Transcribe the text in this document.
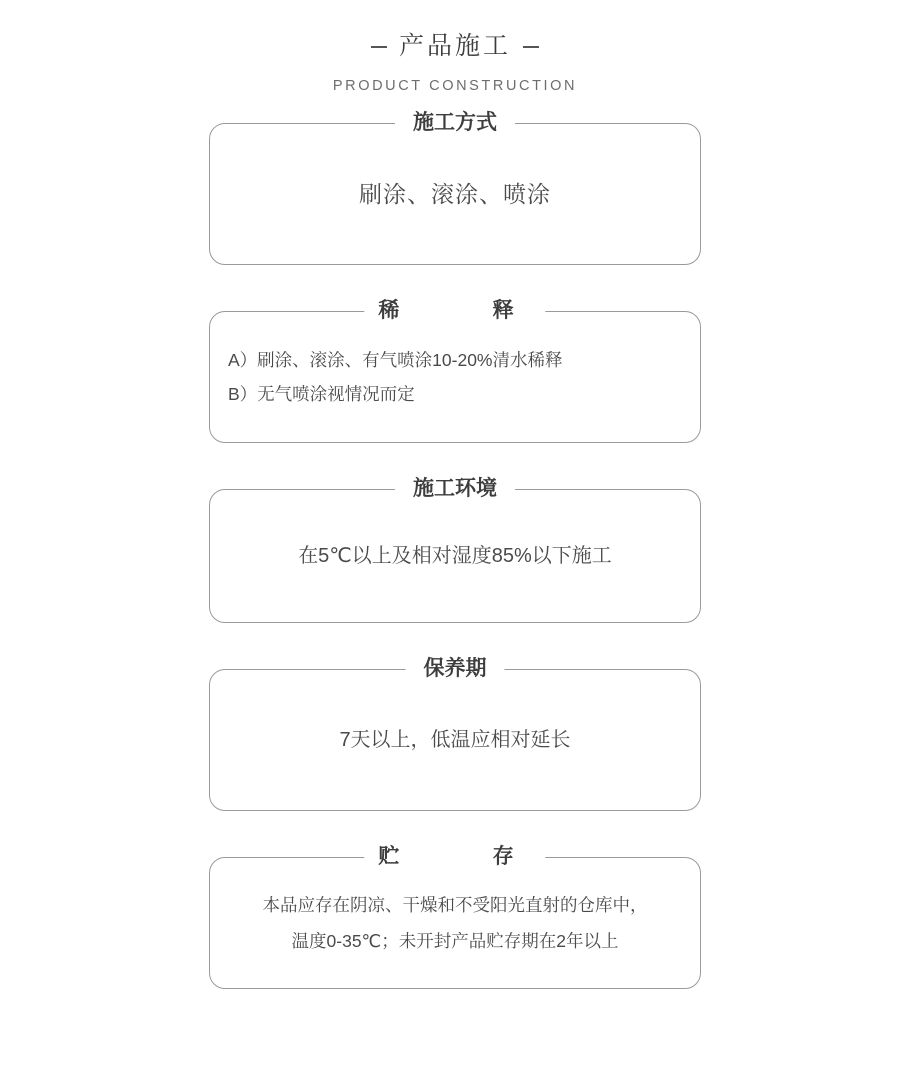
产品施工
PRODUCT CONSTRUCTION
施工方式
刷涂、滚涂、喷涂
稀    释
A）刷涂、滚涂、有气喷涂10-20%清水稀释
B）无气喷涂视情况而定
施工环境
在5℃以上及相对湿度85%以下施工
保养期
7天以上，低温应相对延长
贮    存
本品应存在阴凉、干燥和不受阳光直射的仓库中，
温度0-35℃；未开封产品贮存期在2年以上
